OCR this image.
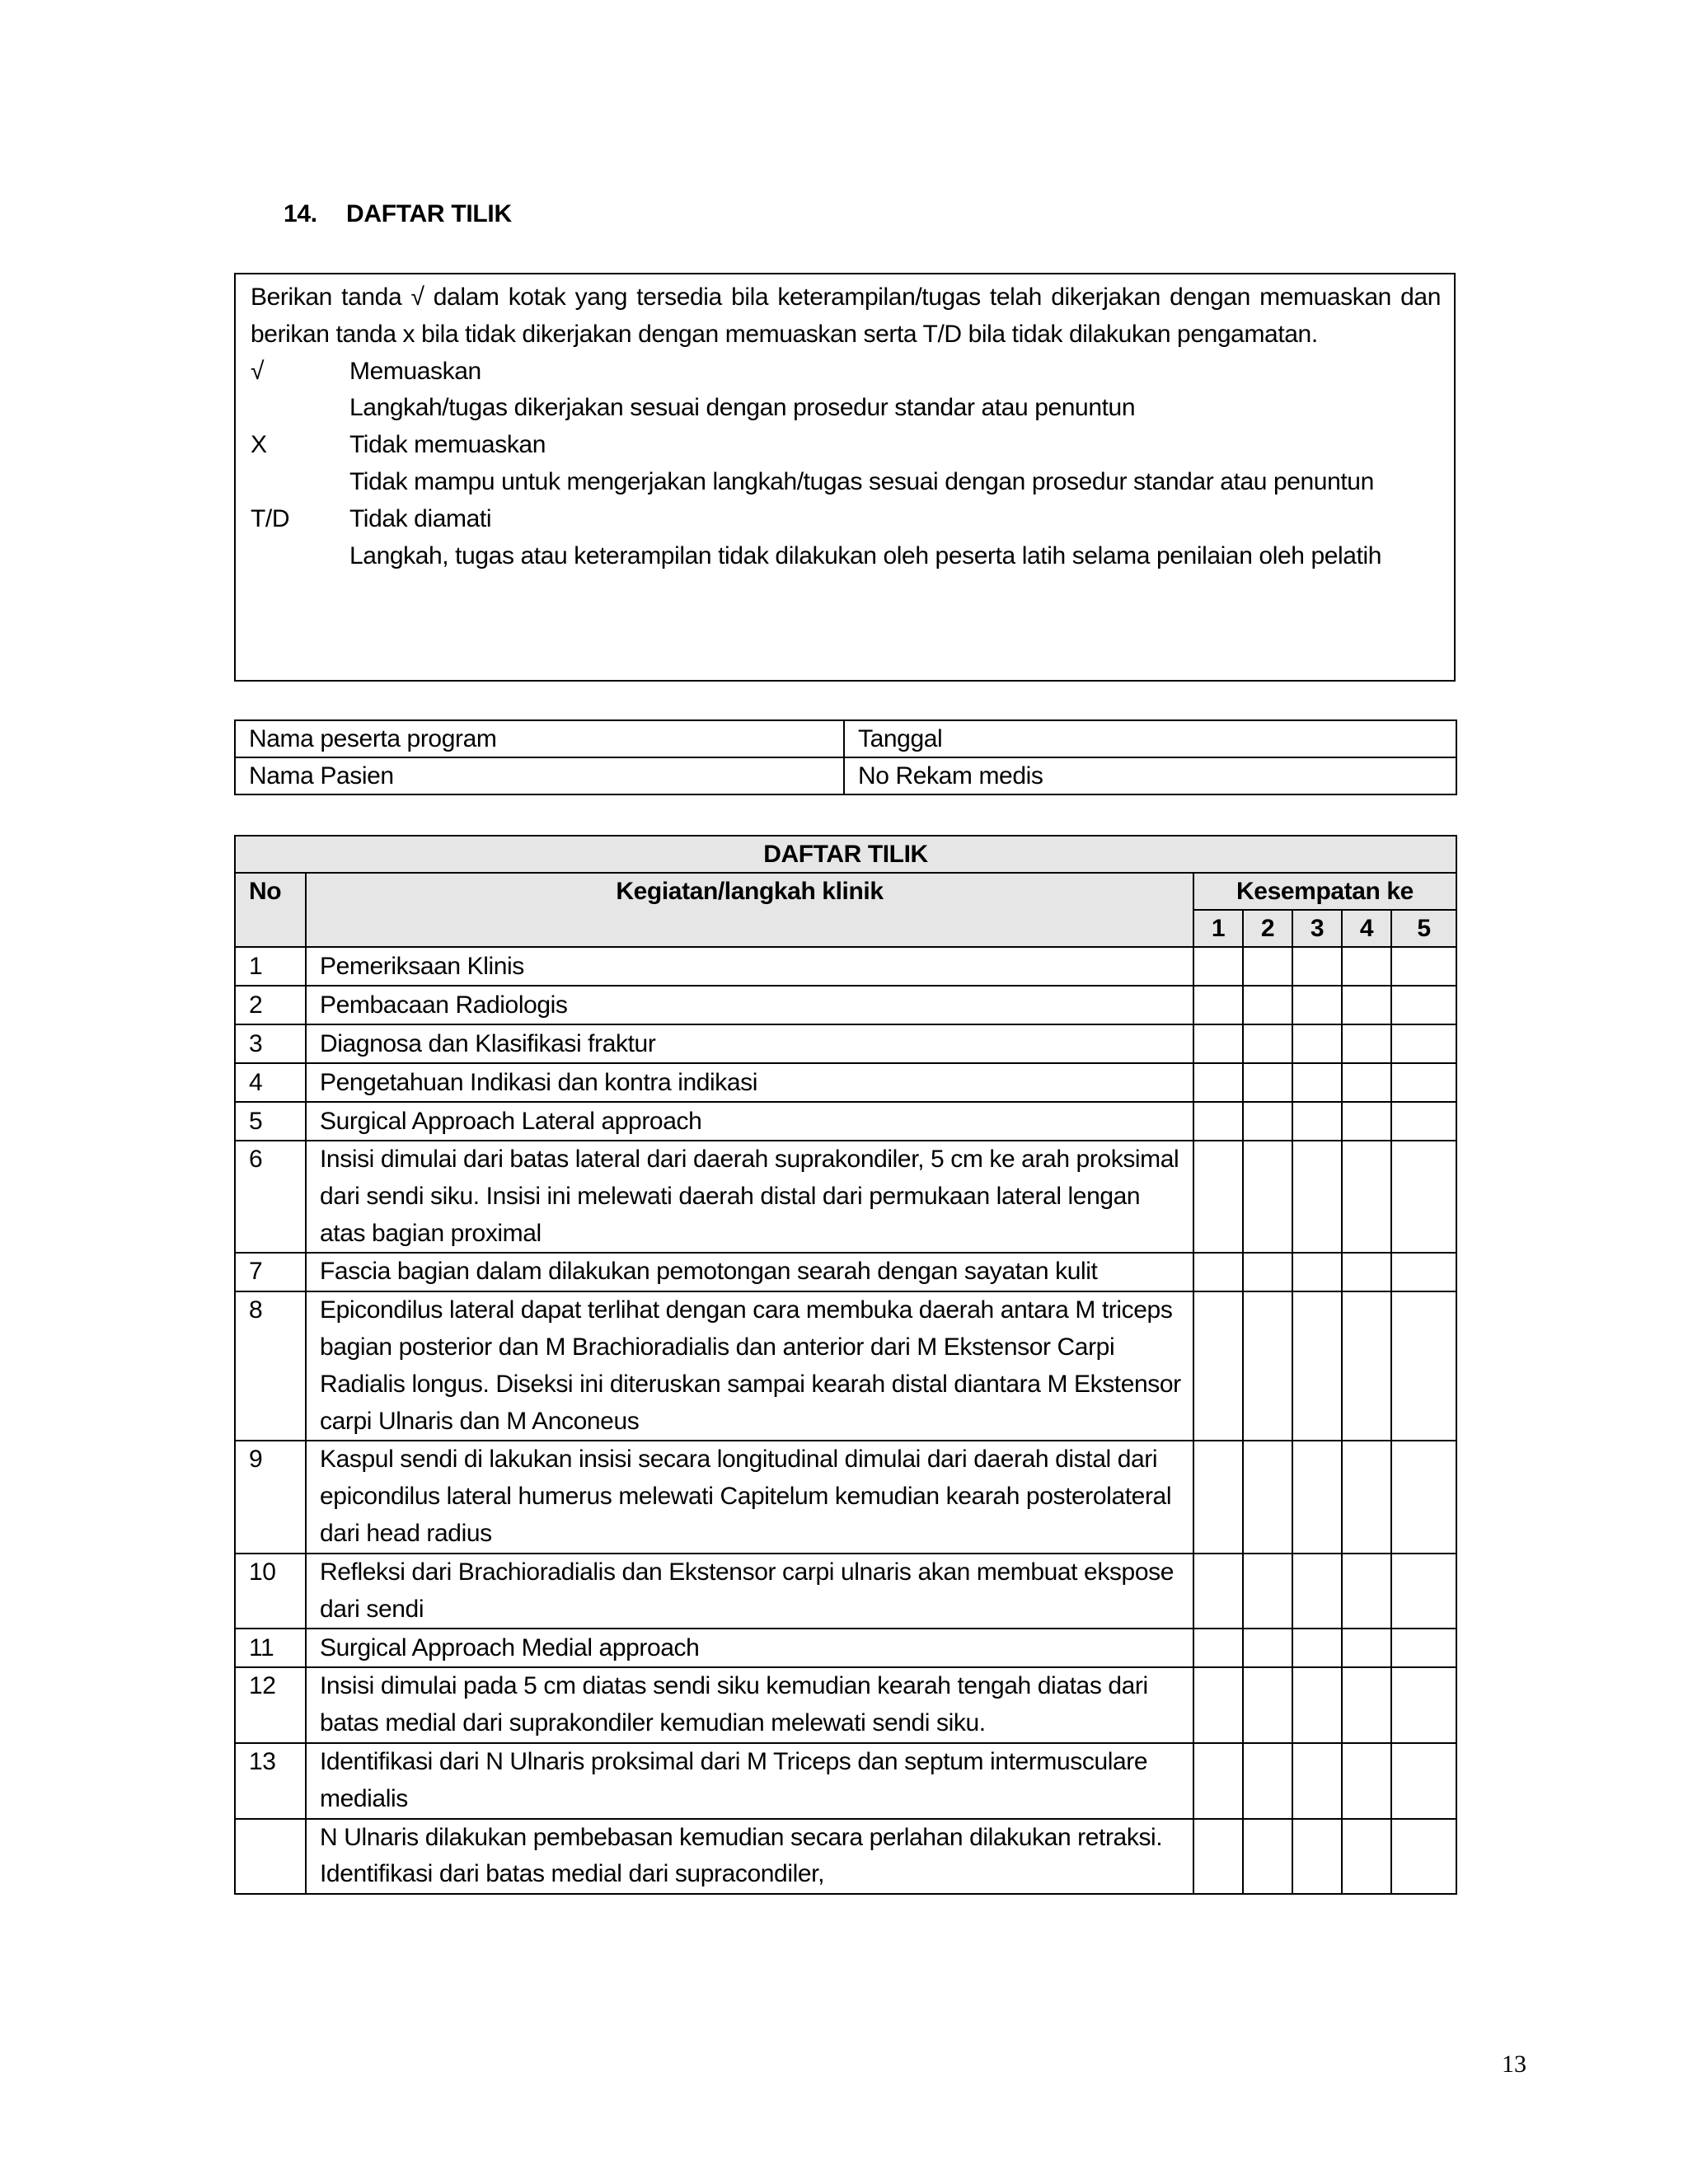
14. DAFTAR TILIK
Berikan tanda √ dalam kotak yang tersedia bila keterampilan/tugas telah dikerjakan dengan memuaskan dan berikan tanda x bila tidak dikerjakan dengan memuaskan serta T/D bila tidak dilakukan pengamatan.
√	Memuaskan
Langkah/tugas dikerjakan sesuai dengan prosedur standar atau penuntun
X	Tidak memuaskan
Tidak mampu untuk mengerjakan langkah/tugas sesuai dengan prosedur standar atau penuntun
T/D	Tidak diamati
Langkah, tugas atau keterampilan tidak dilakukan oleh peserta latih selama penilaian oleh pelatih
Nama peserta program	Tanggal
Nama Pasien	No Rekam medis
DAFTAR TILIK						
No	Kegiatan/langkah klinik	Kesempatan ke				
		1	2	3	4	5
1	Pemeriksaan Klinis					
2	Pembacaan Radiologis					
3	Diagnosa dan Klasifikasi fraktur					
4	Pengetahuan Indikasi dan kontra indikasi					
5	Surgical Approach Lateral approach					
6	Insisi dimulai dari batas lateral dari daerah suprakondiler, 5 cm ke arah proksimal dari sendi siku. Insisi ini melewati daerah distal dari permukaan lateral lengan atas bagian proximal					
7	Fascia bagian dalam dilakukan pemotongan searah dengan sayatan kulit					
8	Epicondilus lateral dapat terlihat dengan cara membuka daerah antara M triceps bagian posterior dan M Brachioradialis dan anterior dari M Ekstensor Carpi Radialis longus. Diseksi ini diteruskan sampai kearah distal diantara M Ekstensor carpi Ulnaris dan M Anconeus					
9	Kaspul sendi di lakukan insisi secara longitudinal dimulai dari daerah distal dari epicondilus lateral humerus melewati Capitelum kemudian kearah posterolateral dari head radius					
10	Refleksi dari Brachioradialis dan Ekstensor carpi ulnaris akan membuat ekspose dari sendi					
11	Surgical Approach Medial approach					
12	Insisi dimulai pada 5 cm diatas sendi siku kemudian kearah tengah diatas dari batas medial dari suprakondiler kemudian melewati sendi siku.					
13	Identifikasi dari N Ulnaris proksimal dari M Triceps dan septum intermusculare medialis					
	N Ulnaris dilakukan pembebasan kemudian secara perlahan dilakukan retraksi. Identifikasi dari batas medial dari supracondiler,					
13
